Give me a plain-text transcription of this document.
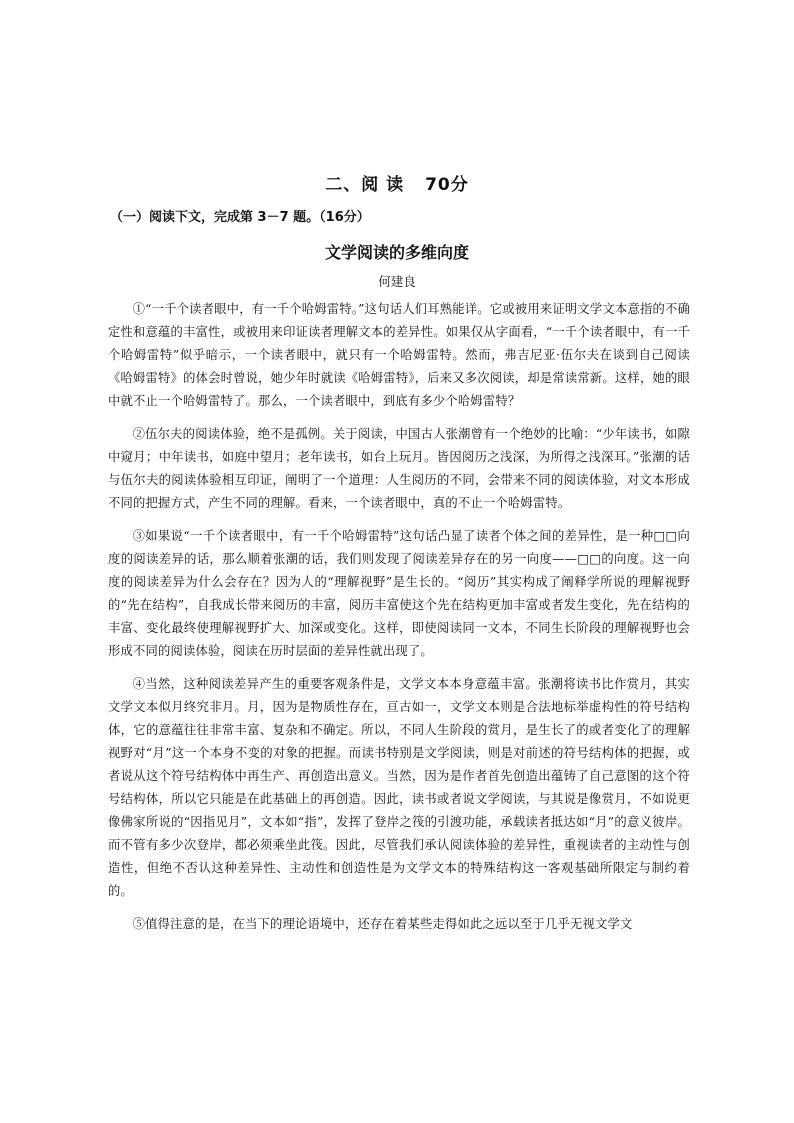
二、阅 读 70分
（一）阅读下文，完成第 3－7 题。（16分）
文学阅读的多维向度
何建良

①“一千个读者眼中，有一千个哈姆雷特。”这句话人们耳熟能详。它或被用来证明文学文本意指的不确定性和意蕴的丰富性，或被用来印证读者理解文本的差异性。如果仅从字面看，“一千个读者眼中，有一千个哈姆雷特”似乎暗示，一个读者眼中，就只有一个哈姆雷特。然而，弗吉尼亚·伍尔夫在谈到自己阅读《哈姆雷特》的体会时曾说，她少年时就读《哈姆雷特》，后来又多次阅读，却是常读常新。这样，她的眼中就不止一个哈姆雷特了。那么，一个读者眼中，到底有多少个哈姆雷特？

②伍尔夫的阅读体验，绝不是孤例。关于阅读，中国古人张潮曾有一个绝妙的比喻：“少年读书，如隙中窥月；中年读书，如庭中望月；老年读书，如台上玩月。皆因阅历之浅深，为所得之浅深耳。”张潮的话与伍尔夫的阅读体验相互印证，阐明了一个道理：人生阅历的不同，会带来不同的阅读体验，对文本形成不同的把握方式，产生不同的理解。看来，一个读者眼中，真的不止一个哈姆雷特。

③如果说“一千个读者眼中，有一千个哈姆雷特”这句话凸显了读者个体之间的差异性，是一种□□向度的阅读差异的话，那么顺着张潮的话，我们则发现了阅读差异存在的另一向度——□□的向度。这一向度的阅读差异为什么会存在？因为人的“理解视野”是生长的。“阅历”其实构成了阐释学所说的理解视野的“先在结构”，自我成长带来阅历的丰富，阅历丰富使这个先在结构更加丰富或者发生变化，先在结构的丰富、变化最终使理解视野扩大、加深或变化。这样，即使阅读同一文本，不同生长阶段的理解视野也会形成不同的阅读体验，阅读在历时层面的差异性就出现了。

④当然，这种阅读差异产生的重要客观条件是，文学文本本身意蕴丰富。张潮将读书比作赏月，其实文学文本似月终究非月。月，因为是物质性存在，亘古如一，文学文本则是合法地标举虚构性的符号结构体，它的意蕴往往非常丰富、复杂和不确定。所以，不同人生阶段的赏月，是生长了的或者变化了的理解视野对“月”这一个本身不变的对象的把握。而读书特别是文学阅读，则是对前述的符号结构体的把握，或者说从这个符号结构体中再生产、再创造出意义。当然，因为是作者首先创造出蕴铸了自己意图的这个符号结构体，所以它只能是在此基础上的再创造。因此，读书或者说文学阅读，与其说是像赏月，不如说更像佛家所说的“因指见月”，文本如“指”，发挥了登岸之筏的引渡功能，承载读者抵达如“月”的意义彼岸。而不管有多少次登岸，都必须乘坐此筏。因此，尽管我们承认阅读体验的差异性，重视读者的主动性与创造性，但绝不否认这种差异性、主动性和创造性是为文学文本的特殊结构这一客观基础所限定与制约着的。

⑤值得注意的是，在当下的理论语境中，还存在着某些走得如此之远以至于几乎无视文学文
